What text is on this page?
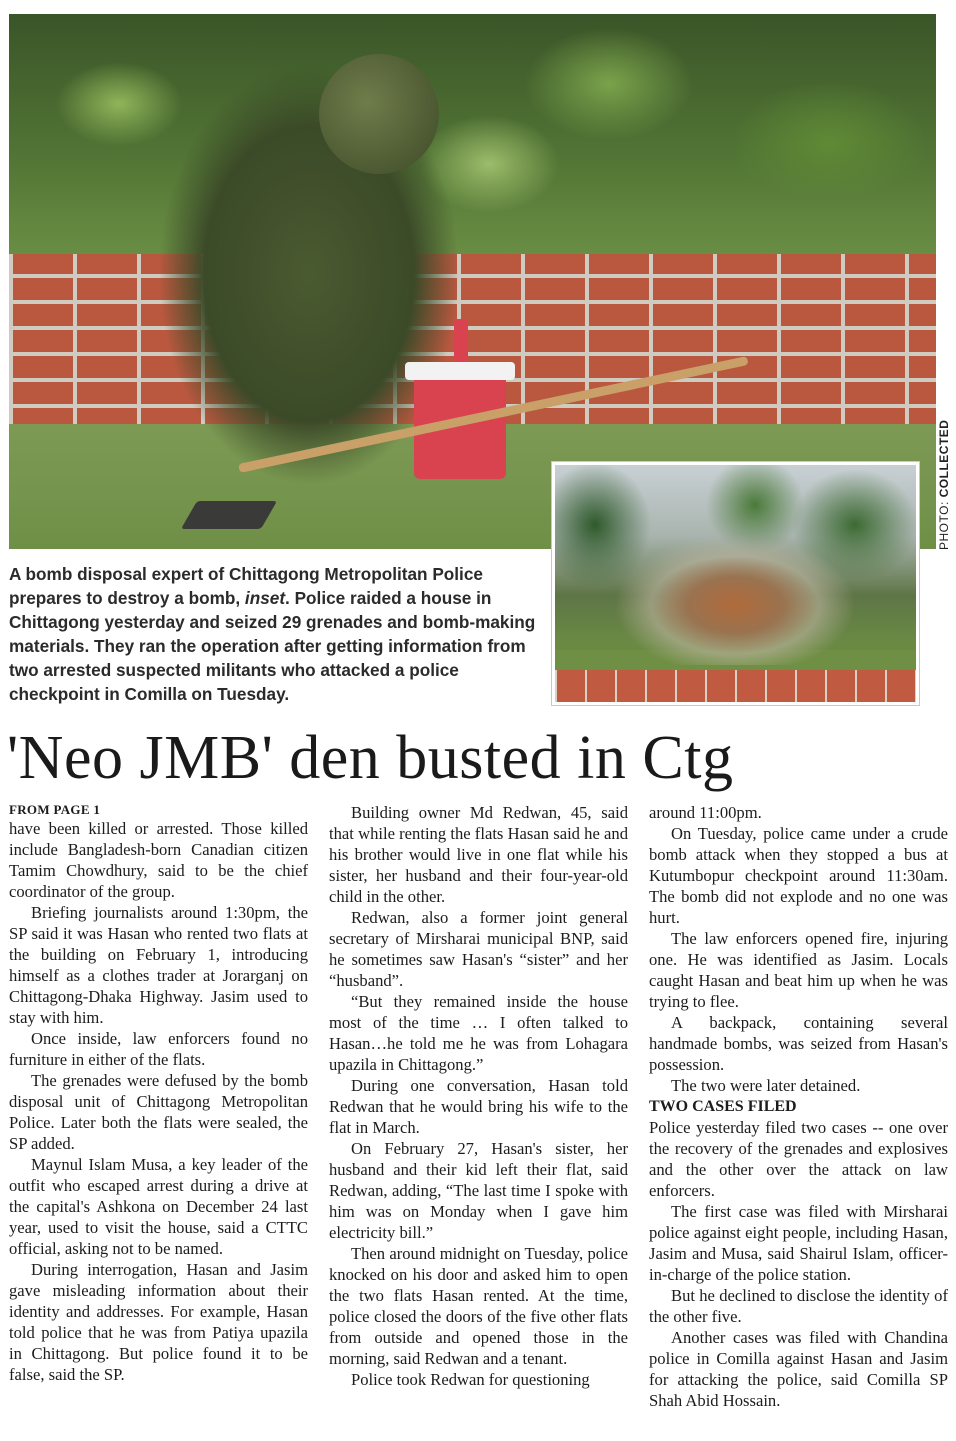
PHOTO: COLLECTED
A bomb disposal expert of Chittagong Metropolitan Police prepares to destroy a bomb, inset. Police raided a house in Chittagong yesterday and seized 29 grenades and bomb-making materials. They ran the operation after getting information from two arrested suspected militants who attacked a police checkpoint in Comilla on Tuesday.
'Neo JMB' den busted in Ctg
FROM PAGE 1

have been killed or arrested. Those killed include Bangladesh-born Canadian citizen Tamim Chowdhury, said to be the chief coordinator of the group.

Briefing journalists around 1:30pm, the SP said it was Hasan who rented two flats at the building on February 1, introducing himself as a clothes trader at Jorarganj on Chittagong-Dhaka Highway. Jasim used to stay with him.

Once inside, law enforcers found no furniture in either of the flats.

The grenades were defused by the bomb disposal unit of Chittagong Metropolitan Police. Later both the flats were sealed, the SP added.

Maynul Islam Musa, a key leader of the outfit who escaped arrest during a drive at the capital's Ashkona on December 24 last year, used to visit the house, said a CTTC official, asking not to be named.

During interrogation, Hasan and Jasim gave misleading information about their identity and addresses. For example, Hasan told police that he was from Patiya upazila in Chittagong. But police found it to be false, said the SP.

Building owner Md Redwan, 45, said that while renting the flats Hasan said he and his brother would live in one flat while his sister, her husband and their four-year-old child in the other.

Redwan, also a former joint general secretary of Mirsharai municipal BNP, said he sometimes saw Hasan's “sister” and her “husband”.

“But they remained inside the house most of the time … I often talked to Hasan…he told me he was from Lohagara upazila in Chittagong.”

During one conversation, Hasan told Redwan that he would bring his wife to the flat in March.

On February 27, Hasan's sister, her husband and their kid left their flat, said Redwan, adding, “The last time I spoke with him was on Monday when I gave him electricity bill.”

Then around midnight on Tuesday, police knocked on his door and asked him to open the two flats Hasan rented. At the time, police closed the doors of the five other flats from outside and opened those in the morning, said Redwan and a tenant.

Police took Redwan for questioning

around 11:00pm.

On Tuesday, police came under a crude bomb attack when they stopped a bus at Kutumbopur checkpoint around 11:30am. The bomb did not explode and no one was hurt.

The law enforcers opened fire, injuring one. He was identified as Jasim. Locals caught Hasan and beat him up when he was trying to flee.

A backpack, containing several handmade bombs, was seized from Hasan's possession.

The two were later detained.

TWO CASES FILED

Police yesterday filed two cases -- one over the recovery of the grenades and explosives and the other over the attack on law enforcers.

The first case was filed with Mirsharai police against eight people, including Hasan, Jasim and Musa, said Shairul Islam, officer-in-charge of the police station.

But he declined to disclose the identity of the other five.

Another cases was filed with Chandina police in Comilla against Hasan and Jasim for attacking the police, said Comilla SP Shah Abid Hossain.
